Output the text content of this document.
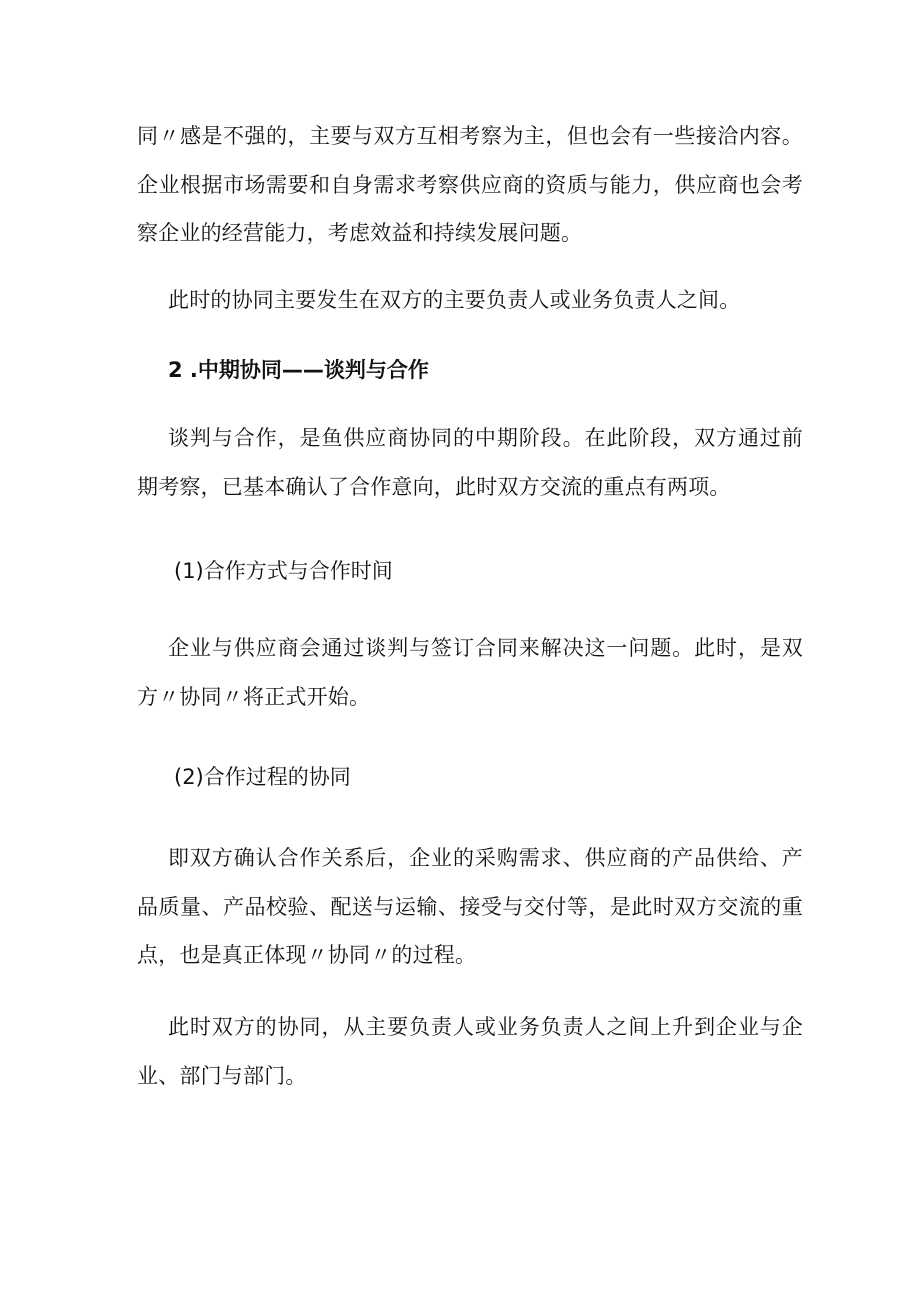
同〃感是不强的，主要与双方互相考察为主，但也会有一些接洽内容。企业根据市场需要和自身需求考察供应商的资质与能力，供应商也会考察企业的经营能力，考虑效益和持续发展问题。

此时的协同主要发生在双方的主要负责人或业务负责人之间。

2 .中期协同——谈判与合作

谈判与合作，是鱼供应商协同的中期阶段。在此阶段，双方通过前期考察，已基本确认了合作意向，此时双方交流的重点有两项。

(1)合作方式与合作时间

企业与供应商会通过谈判与签订合同来解决这一问题。此时，是双方〃协同〃将正式开始。

(2)合作过程的协同

即双方确认合作关系后，企业的采购需求、供应商的产品供给、产品质量、产品校验、配送与运输、接受与交付等，是此时双方交流的重点，也是真正体现〃协同〃的过程。

此时双方的协同，从主要负责人或业务负责人之间上升到企业与企业、部门与部门。
